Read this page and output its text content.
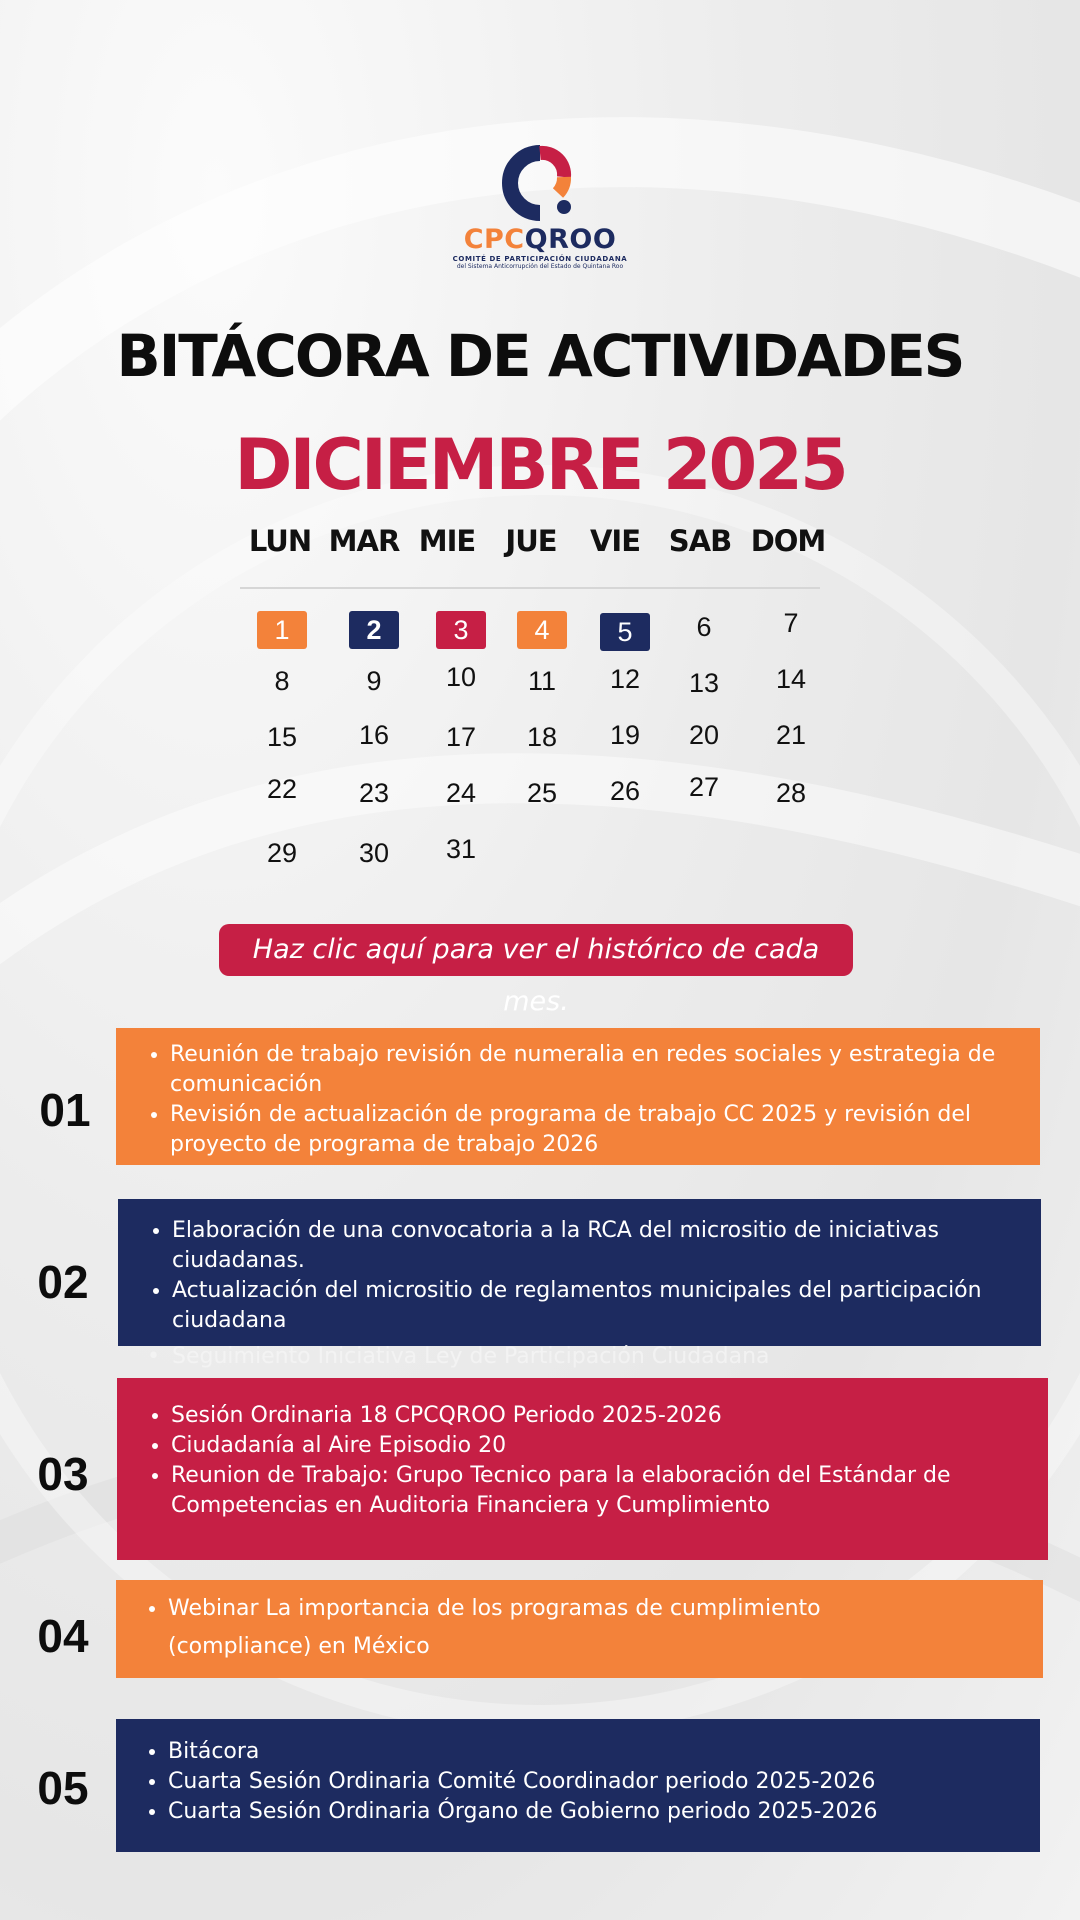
CPCQROO
COMITÉ DE PARTICIPACIÓN CIUDADANA
del Sistema Anticorrupción del Estado de Quintana Roo
BITÁCORA DE ACTIVIDADES
DICIEMBRE 2025
LUN MAR MIE	JUE	VIE SAB DOM
1	2	3	4	5	6	7
8	9	10	11	12	13	14
15	16	17	18	19	20	21
22	23	24	25	26	27	28
29	30	31
Haz clic aquí para ver el histórico de cada mes.
01
• Reunión de trabajo revisión de numeralia en redes sociales y estrategia de comunicación
• Revisión de actualización de programa de trabajo CC 2025 y revisión del proyecto de programa de trabajo 2026
02
• Elaboración de una convocatoria a la RCA del micrositio de iniciativas ciudadanas.
• Actualización del micrositio de reglamentos municipales del participación ciudadana
• Seguimiento Iniciativa Ley de Participación Ciudadana
03
• Sesión Ordinaria 18 CPCQROO Periodo 2025-2026
• Ciudadanía al Aire Episodio 20
• Reunion de Trabajo: Grupo Tecnico para la elaboración del Estándar de Competencias en Auditoria Financiera y Cumplimiento
04
• Webinar La importancia de los programas de cumplimiento (compliance) en México
05
• Bitácora
• Cuarta Sesión Ordinaria Comité Coordinador periodo 2025-2026
• Cuarta Sesión Ordinaria Órgano de Gobierno periodo 2025-2026
